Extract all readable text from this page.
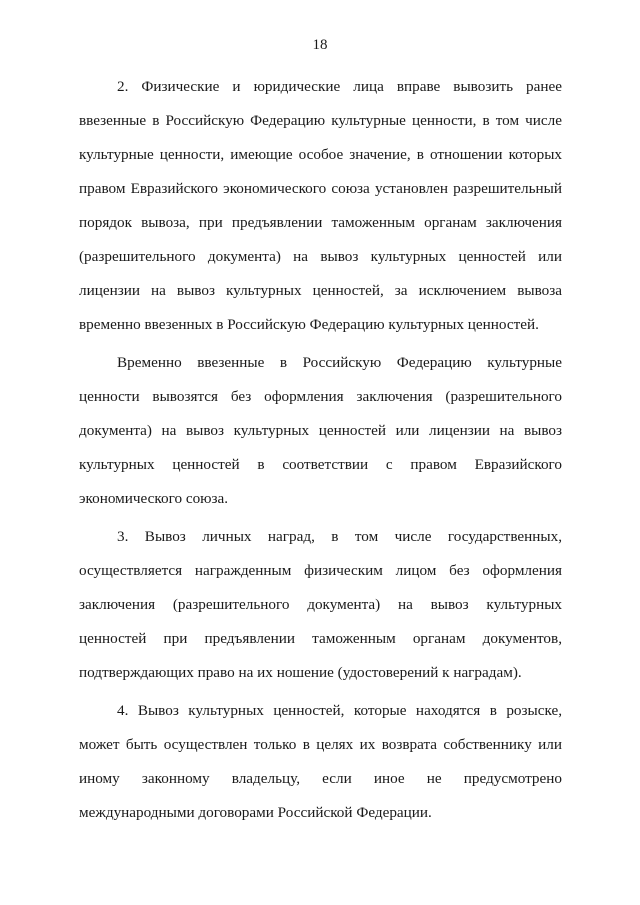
18

2. Физические и юридические лица вправе вывозить ранее ввезенные в Российскую Федерацию культурные ценности, в том числе культурные ценности, имеющие особое значение, в отношении которых правом Евразийского экономического союза установлен разрешительный порядок вывоза, при предъявлении таможенным органам заключения (разрешительного документа) на вывоз культурных ценностей или лицензии на вывоз культурных ценностей, за исключением вывоза временно ввезенных в Российскую Федерацию культурных ценностей.

Временно ввезенные в Российскую Федерацию культурные ценности вывозятся без оформления заключения (разрешительного документа) на вывоз культурных ценностей или лицензии на вывоз культурных ценностей в соответствии с правом Евразийского экономического союза.

3. Вывоз личных наград, в том числе государственных, осуществляется награжденным физическим лицом без оформления заключения (разрешительного документа) на вывоз культурных ценностей при предъявлении таможенным органам документов, подтверждающих право на их ношение (удостоверений к наградам).

4. Вывоз культурных ценностей, которые находятся в розыске, может быть осуществлен только в целях их возврата собственнику или иному законному владельцу, если иное не предусмотрено международными договорами Российской Федерации.
